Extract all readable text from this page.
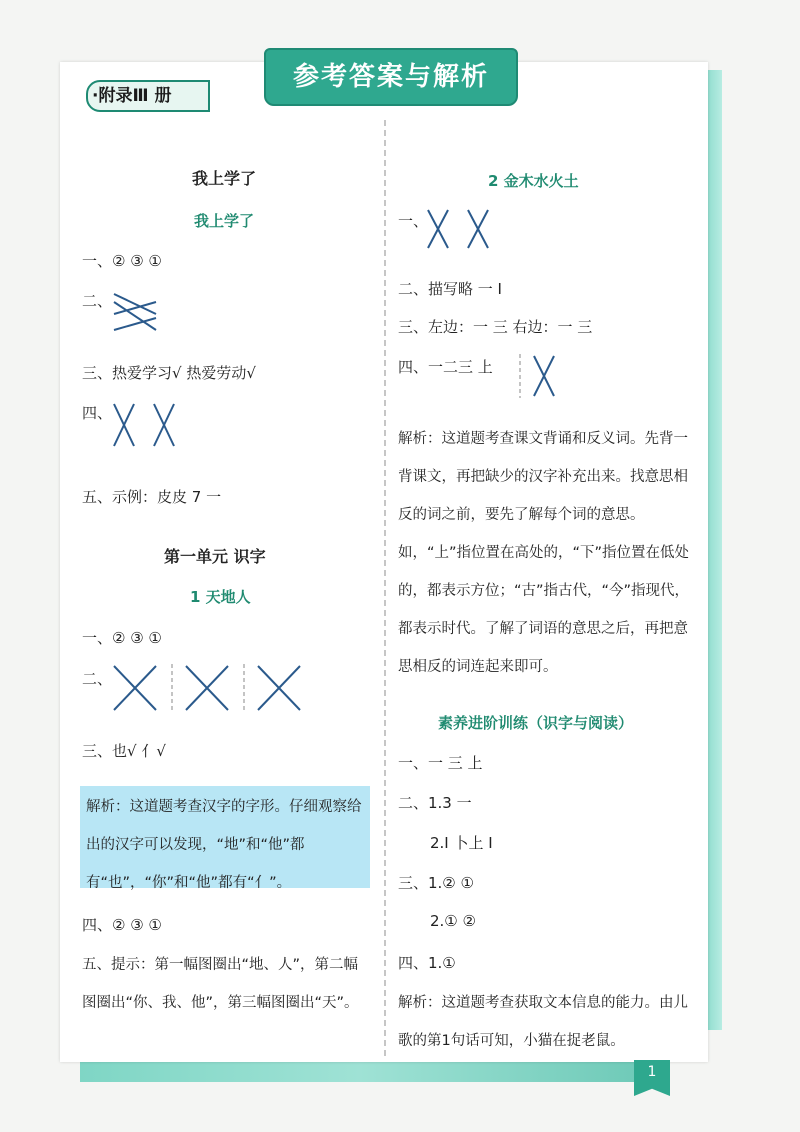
参考答案与解析
·附录Ⅲ 册
我上学了
我上学了
一、② ③ ①
二、
三、热爱学习√ 热爱劳动√
四、
五、示例：皮皮 7 一
第一单元 识字
1 天地人
一、② ③ ①
二、
三、也√ 亻√
解析：这道题考查汉字的字形。仔细观察给出的汉字可以发现，“地”和“他”都有“也”，“你”和“他”都有“亻”。
四、② ③ ①
五、提示：第一幅图圈出“地、人”，第二幅图圈出“你、我、他”，第三幅图圈出“天”。
2 金木水火土
一、
二、描写略 一 Ⅰ
三、左边：一 三 右边：一 三
四、一二三 上
解析：这道题考查课文背诵和反义词。先背一背课文，再把缺少的汉字补充出来。找意思相反的词之前，要先了解每个词的意思。如，“上”指位置在高处的，“下”指位置在低处的，都表示方位；“古”指古代，“今”指现代，都表示时代。了解了词语的意思之后，再把意思相反的词连起来即可。
素养进阶训练（识字与阅读）
一、一 三 上
二、1.3 一
2.Ⅰ 卜上 Ⅰ
三、1.② ①
2.① ②
四、1.①
解析：这道题考查获取文本信息的能力。由儿歌的第1句话可知，小猫在捉老鼠。
1
